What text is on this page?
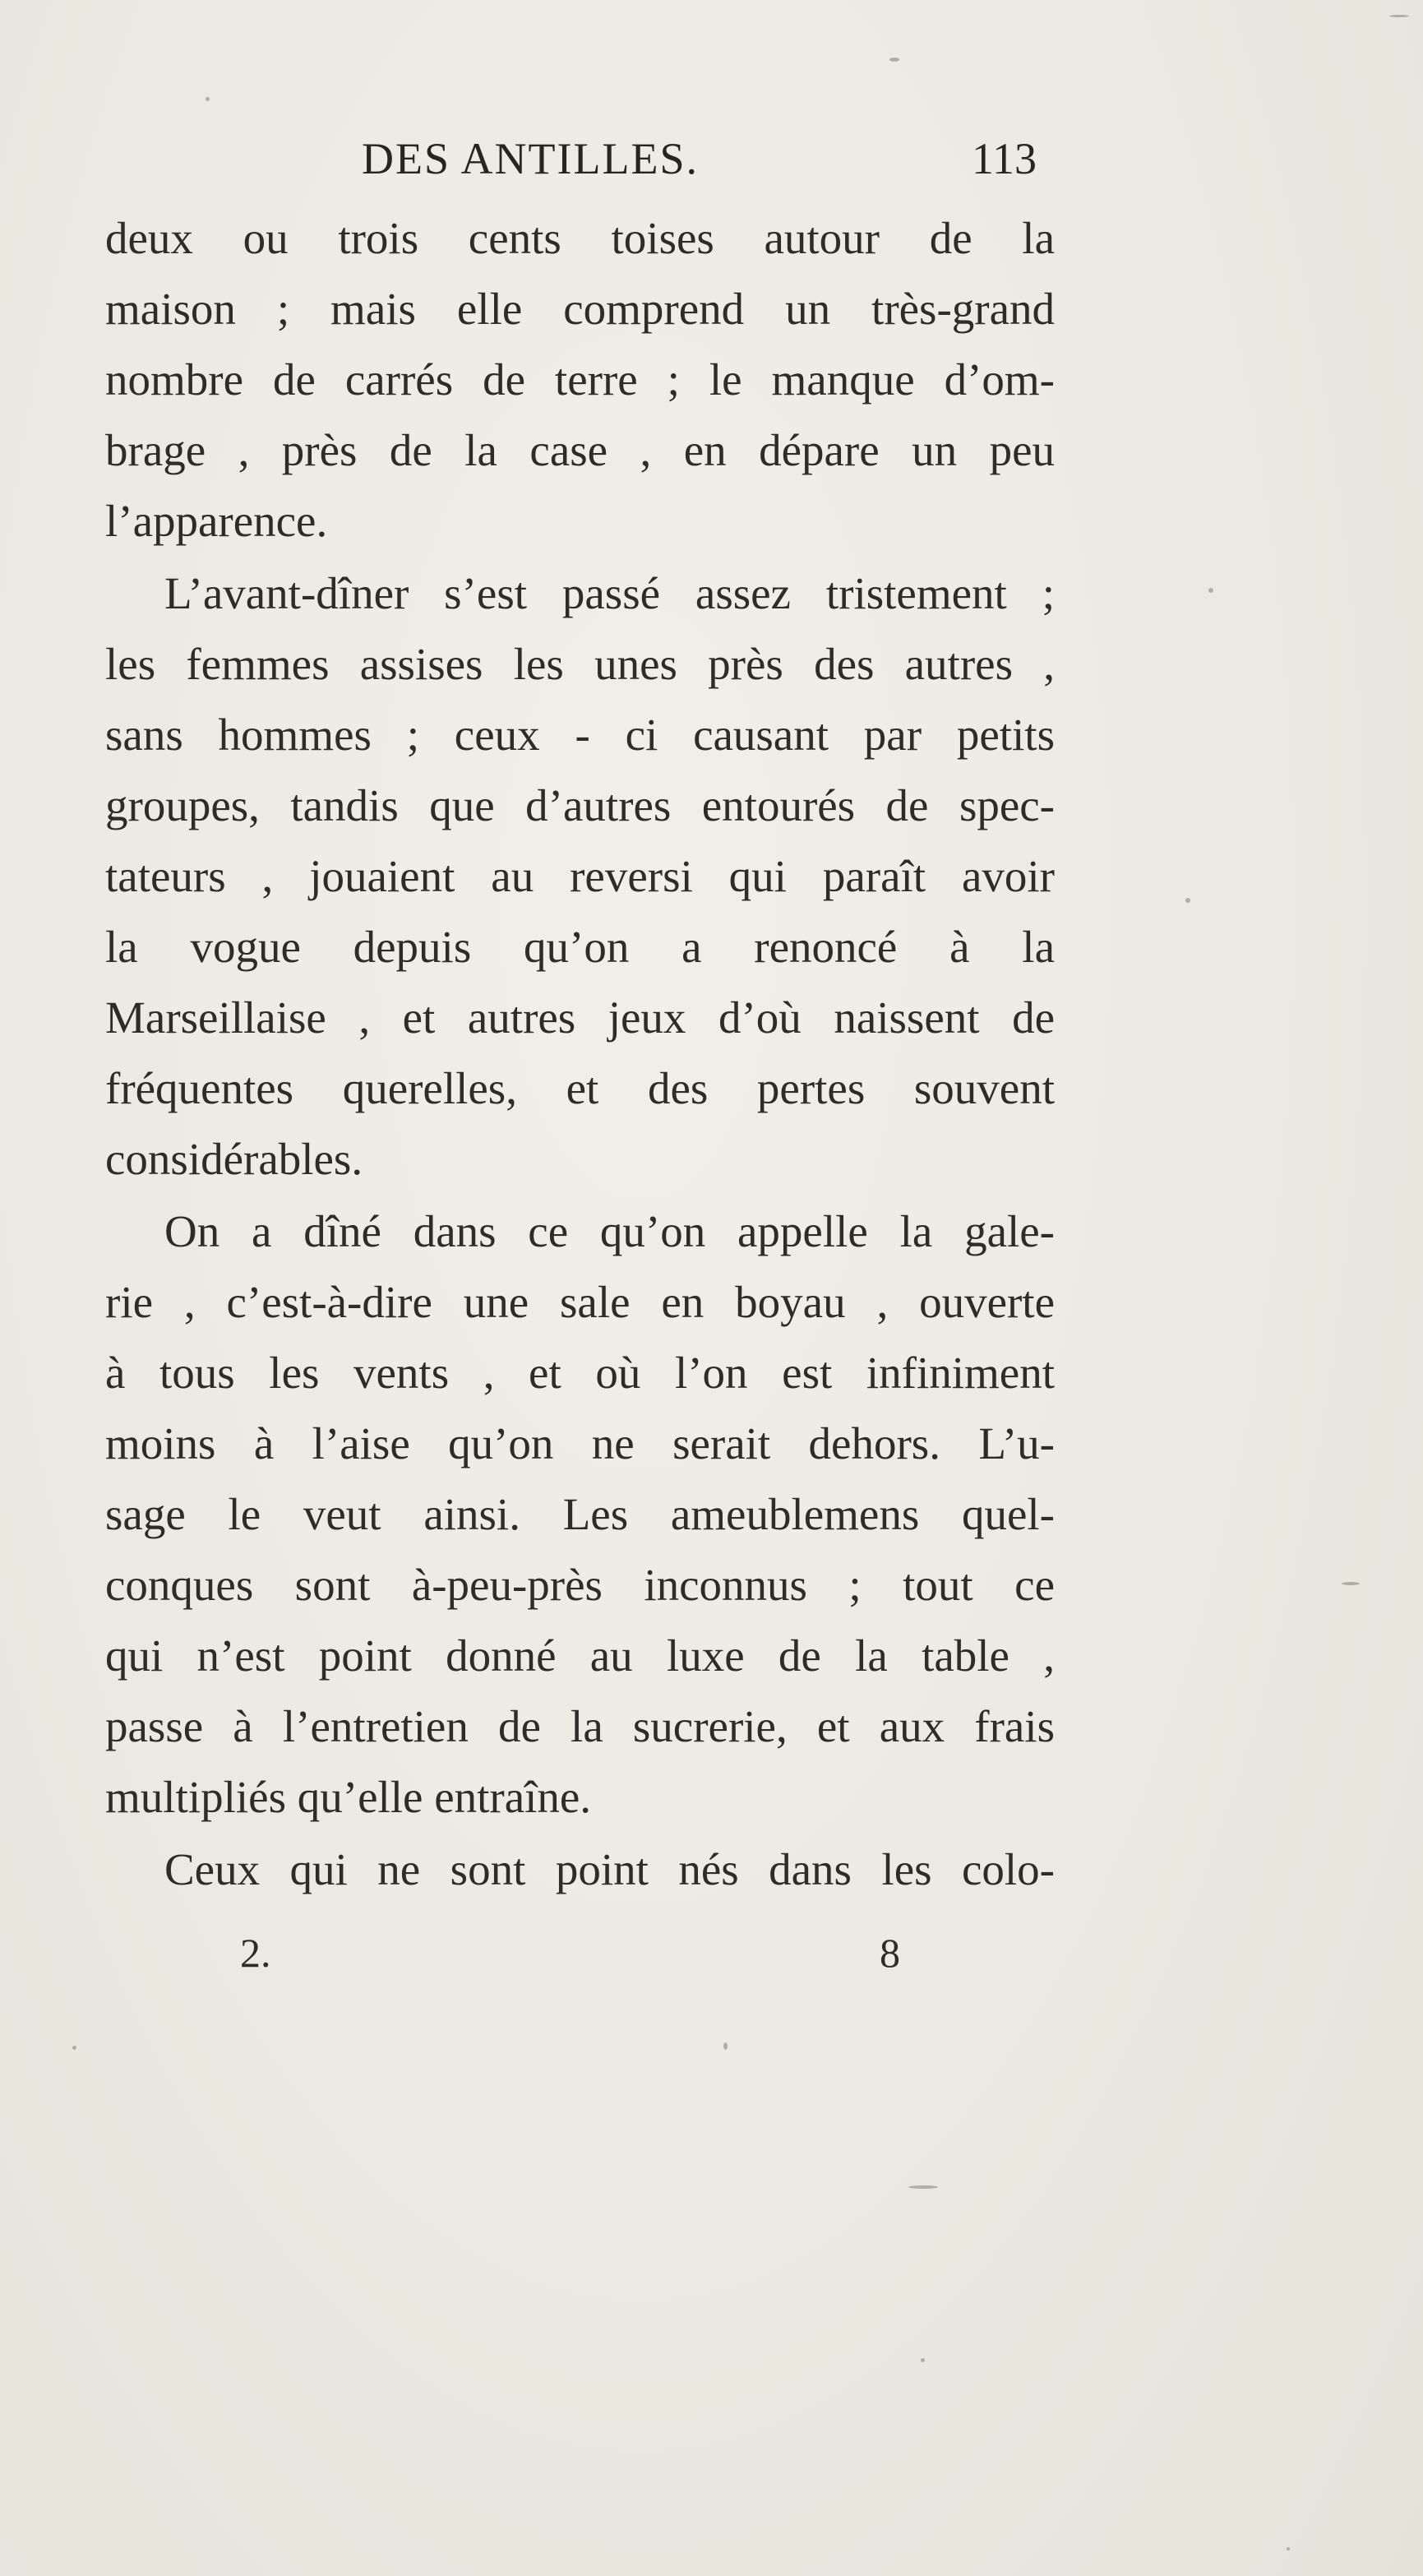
DES ANTILLES.	113
deux ou trois cents toises autour de la
maison ; mais elle comprend un très-grand
nombre de carrés de terre ; le manque d’om-
brage , près de la case , en dépare un peu
l’apparence.
L’avant-dîner s’est passé assez tristement ;
les femmes assises les unes près des autres ,
sans hommes ; ceux - ci causant par petits
groupes, tandis que d’autres entourés de spec-
tateurs , jouaient au reversi qui paraît avoir
la vogue depuis qu’on a renoncé à la
Marseillaise , et autres jeux d’où naissent de
fréquentes querelles, et des pertes souvent
considérables.
On a dîné dans ce qu’on appelle la gale-
rie , c’est-à-dire une sale en boyau , ouverte
à tous les vents , et où l’on est infiniment
moins à l’aise qu’on ne serait dehors. L’u-
sage le veut ainsi. Les ameublemens quel-
conques sont à-peu-près inconnus ; tout ce
qui n’est point donné au luxe de la table ,
passe à l’entretien de la sucrerie, et aux frais
multipliés qu’elle entraîne.
Ceux qui ne sont point nés dans les colo-
2.	8
